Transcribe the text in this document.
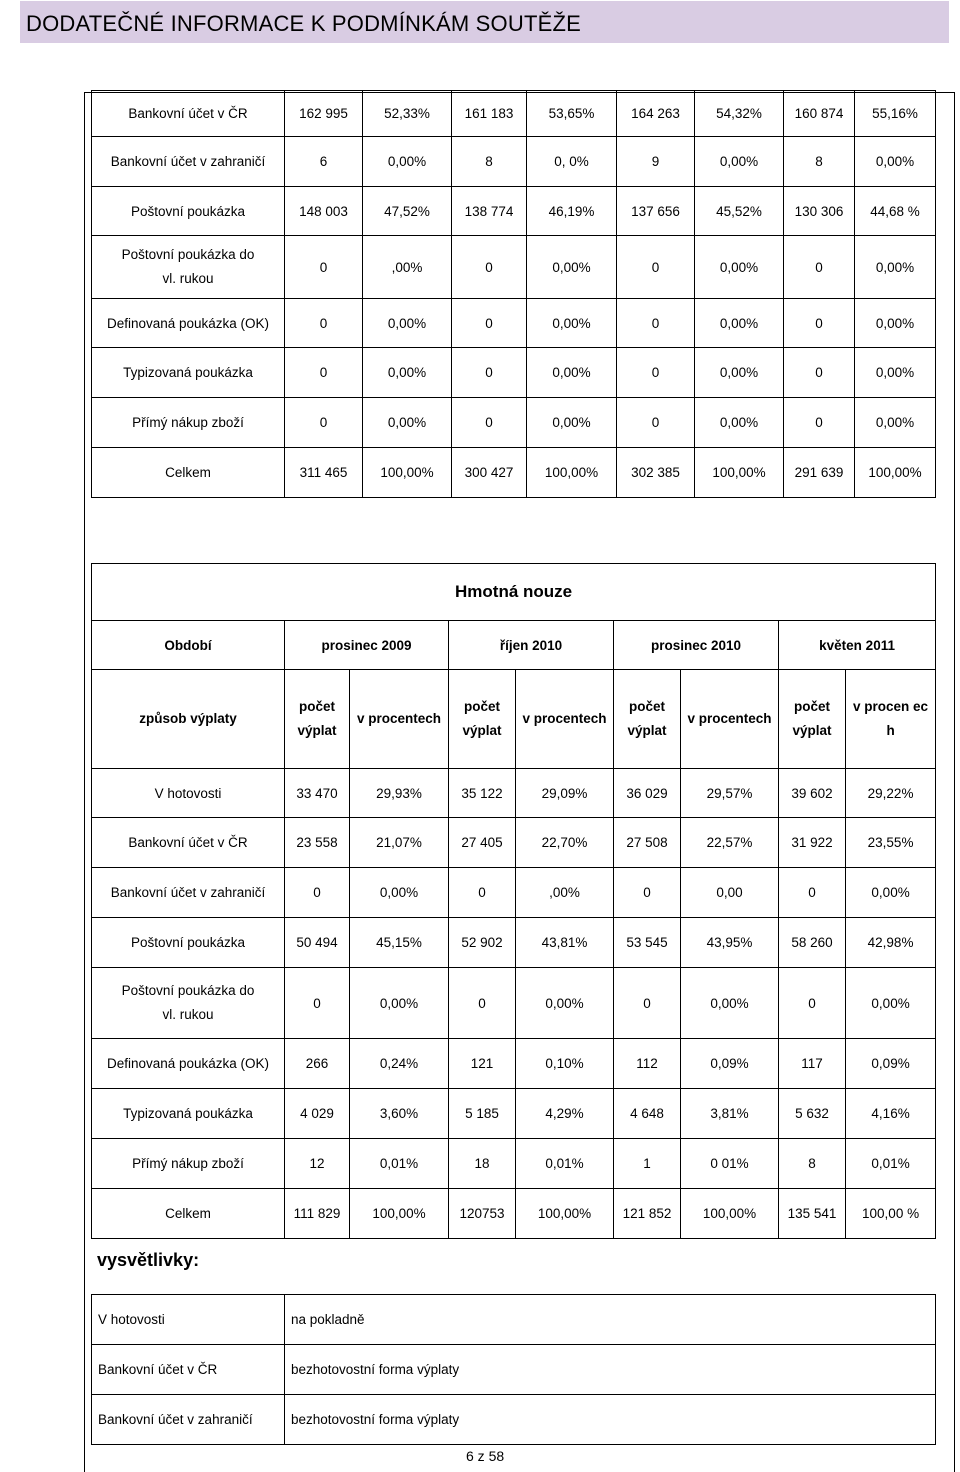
DODATEČNÉ INFORMACE K PODMÍNKÁM SOUTĚŽE
Bankovní účet v ČR	162 995	52,33%	161 183	53,65%	164 263	54,32%	160 874	55,16%
Bankovní účet v zahraničí	6	0,00%	8	0, 0%	9	0,00%	8	0,00%
Poštovní poukázka	148 003	47,52%	138 774	46,19%	137 656	45,52%	130 306	44,68 %
Poštovní poukázka do vl. rukou	0	,00%	0	0,00%	0	0,00%	0	0,00%
Definovaná poukázka (OK)	0	0,00%	0	0,00%	0	0,00%	0	0,00%
Typizovaná poukázka	0	0,00%	0	0,00%	0	0,00%	0	0,00%
Přímý nákup zboží	0	0,00%	0	0,00%	0	0,00%	0	0,00%
Celkem	311 465	100,00%	300 427	100,00%	302 385	100,00%	291 639	100,00%
Hmotná nouze								
Období	prosinec 2009		říjen 2010		prosinec 2010		květen 2011	
způsob výplaty	počet výplat	v procentech	počet výplat	v procentech	počet výplat	v procentech	počet výplat	v procen ec h
V hotovosti	33 470	29,93%	35 122	29,09%	36 029	29,57%	39 602	29,22%
Bankovní účet v ČR	23 558	21,07%	27 405	22,70%	27 508	22,57%	31 922	23,55%
Bankovní účet v zahraničí	0	0,00%	0	,00%	0	0,00	0	0,00%
Poštovní poukázka	50 494	45,15%	52 902	43,81%	53 545	43,95%	58 260	42,98%
Poštovní poukázka do vl. rukou	0	0,00%	0	0,00%	0	0,00%	0	0,00%
Definovaná poukázka (OK)	266	0,24%	121	0,10%	112	0,09%	117	0,09%
Typizovaná poukázka	4 029	3,60%	5 185	4,29%	4 648	3,81%	5 632	4,16%
Přímý nákup zboží	12	0,01%	18	0,01%	1	0 01%	8	0,01%
Celkem	111 829	100,00%	120753	100,00%	121 852	100,00%	135 541	100,00 %
vysvětlivky:
V hotovosti	na pokladně
Bankovní účet v ČR	bezhotovostní forma výplaty
Bankovní účet v zahraničí	bezhotovostní forma výplaty
6 z 58
